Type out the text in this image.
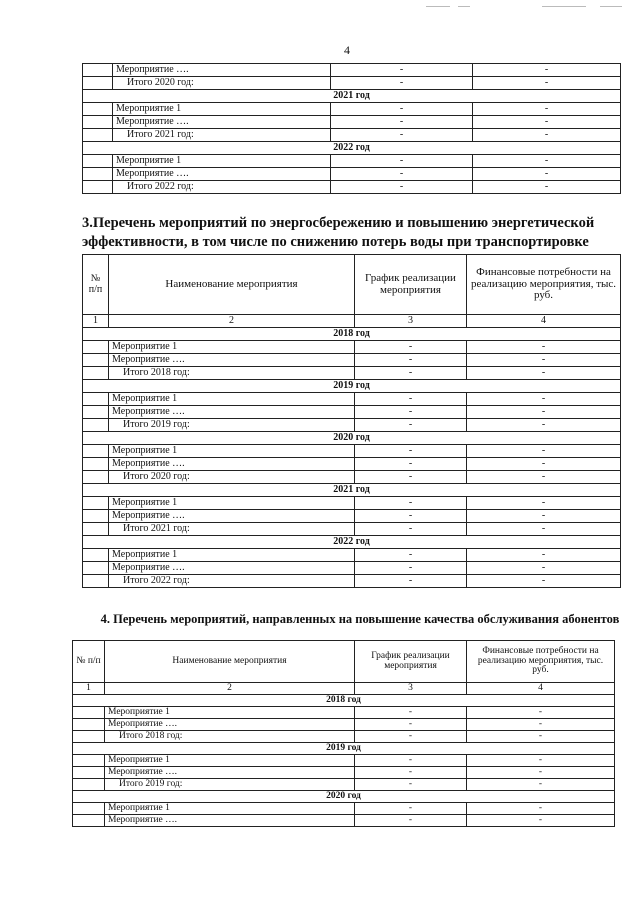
4
	Мероприятие ….	-	-
	Итого 2020 год:	-	-
2021 год			
	Мероприятие 1	-	-
	Мероприятие ….	-	-
	Итого 2021 год:	-	-
2022 год			
	Мероприятие 1	-	-
	Мероприятие ….	-	-
	Итого 2022 год:	-	-
3.Перечень мероприятий по энергосбережению и повышению энергетической эффективности, в том числе по снижению потерь воды при транспортировке
№ п/п	Наименование мероприятия	График реализации мероприятия	Финансовые потребности на реализацию мероприятия, тыс. руб.
1	2	3	4
2018 год			
	Мероприятие 1	-	-
	Мероприятие ….	-	-
	Итого 2018 год:	-	-
2019 год			
	Мероприятие 1	-	-
	Мероприятие ….	-	-
	Итого 2019 год:	-	-
2020 год			
	Мероприятие 1	-	-
	Мероприятие ….	-	-
	Итого 2020 год:	-	-
2021 год			
	Мероприятие 1	-	-
	Мероприятие ….	-	-
	Итого 2021 год:	-	-
2022 год			
	Мероприятие 1	-	-
	Мероприятие ….	-	-
	Итого 2022 год:	-	-
4. Перечень мероприятий, направленных на повышение качества обслуживания абонентов
№ п/п	Наименование мероприятия	График реализации мероприятия	Финансовые потребности на реализацию мероприятия, тыс. руб.
1	2	3	4
2018 год			
	Мероприятие 1	-	-
	Мероприятие ….	-	-
	Итого 2018 год:	-	-
2019 год			
	Мероприятие 1	-	-
	Мероприятие ….	-	-
	Итого 2019 год:	-	-
2020 год			
	Мероприятие 1	-	-
	Мероприятие ….	-	-
